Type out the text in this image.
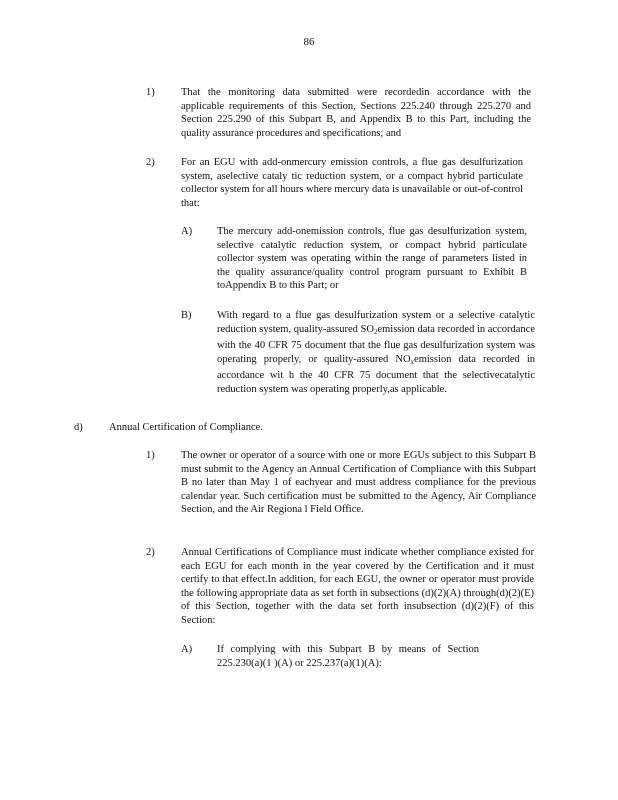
86
1)	That the monitoring data submitted were recordedin accordance with the applicable requirements of this Section, Sections 225.240 through 225.270 and Section 225.290 of this Subpart B, and Appendix B to this Part, including the quality assurance procedures and specifications; and
2)	For an EGU with add-onmercury emission controls, a flue gas desulfurization system, aselective cataly tic reduction system, or a compact hybrid particulate collector system for all hours where mercury data is unavailable or out-of-control that:
A) The mercury add-onemission controls, flue gas desulfurization system, selective catalytic reduction system, or compact hybrid particulate collector system was operating within the range of parameters listed in the quality assurance/quality control program pursuant to Exhibit B toAppendix B to this Part; or
B) With regard to a flue gas desulfurization system or a selective catalytic reduction system, quality-assured $SO_2emission$ data recorded in accordance with the 40 CFR 75 document that the flue gas desulfurization system was operating properly, or quality-assured $NO_xemission$ data recorded in accordance wit h the 40 CFR 75 document that the selectivecatalytic reduction system was operating properly,as applicable.
d)	Annual Certification of Compliance.
1)	The owner or operator of a source with one or more EGUs subject to this Subpart B must submit to the Agency an Annual Certification of Compliance with this Subpart B no later than May 1 of eachyear and must address compliance for the previous calendar year. Such certification must be submitted to the Agency, Air Compliance Section, and the Air Regiona l Field Office.
2)	Annual Certifications of Compliance must indicate whether compliance existed for each EGU for each month in the year covered by the Certification and it must certify to that effect.In addition, for each EGU, the owner or operator must provide the following appropriate data as set forth in subsections (d)(2)(A) through(d)(2)(E) of this Section, together with the data set forth insubsection (d)(2)(F) of this Section:
A) If complying with this Subpart B by means of Section 225.230(a)(1 )(A) or 225.237(a)(1)(A):
